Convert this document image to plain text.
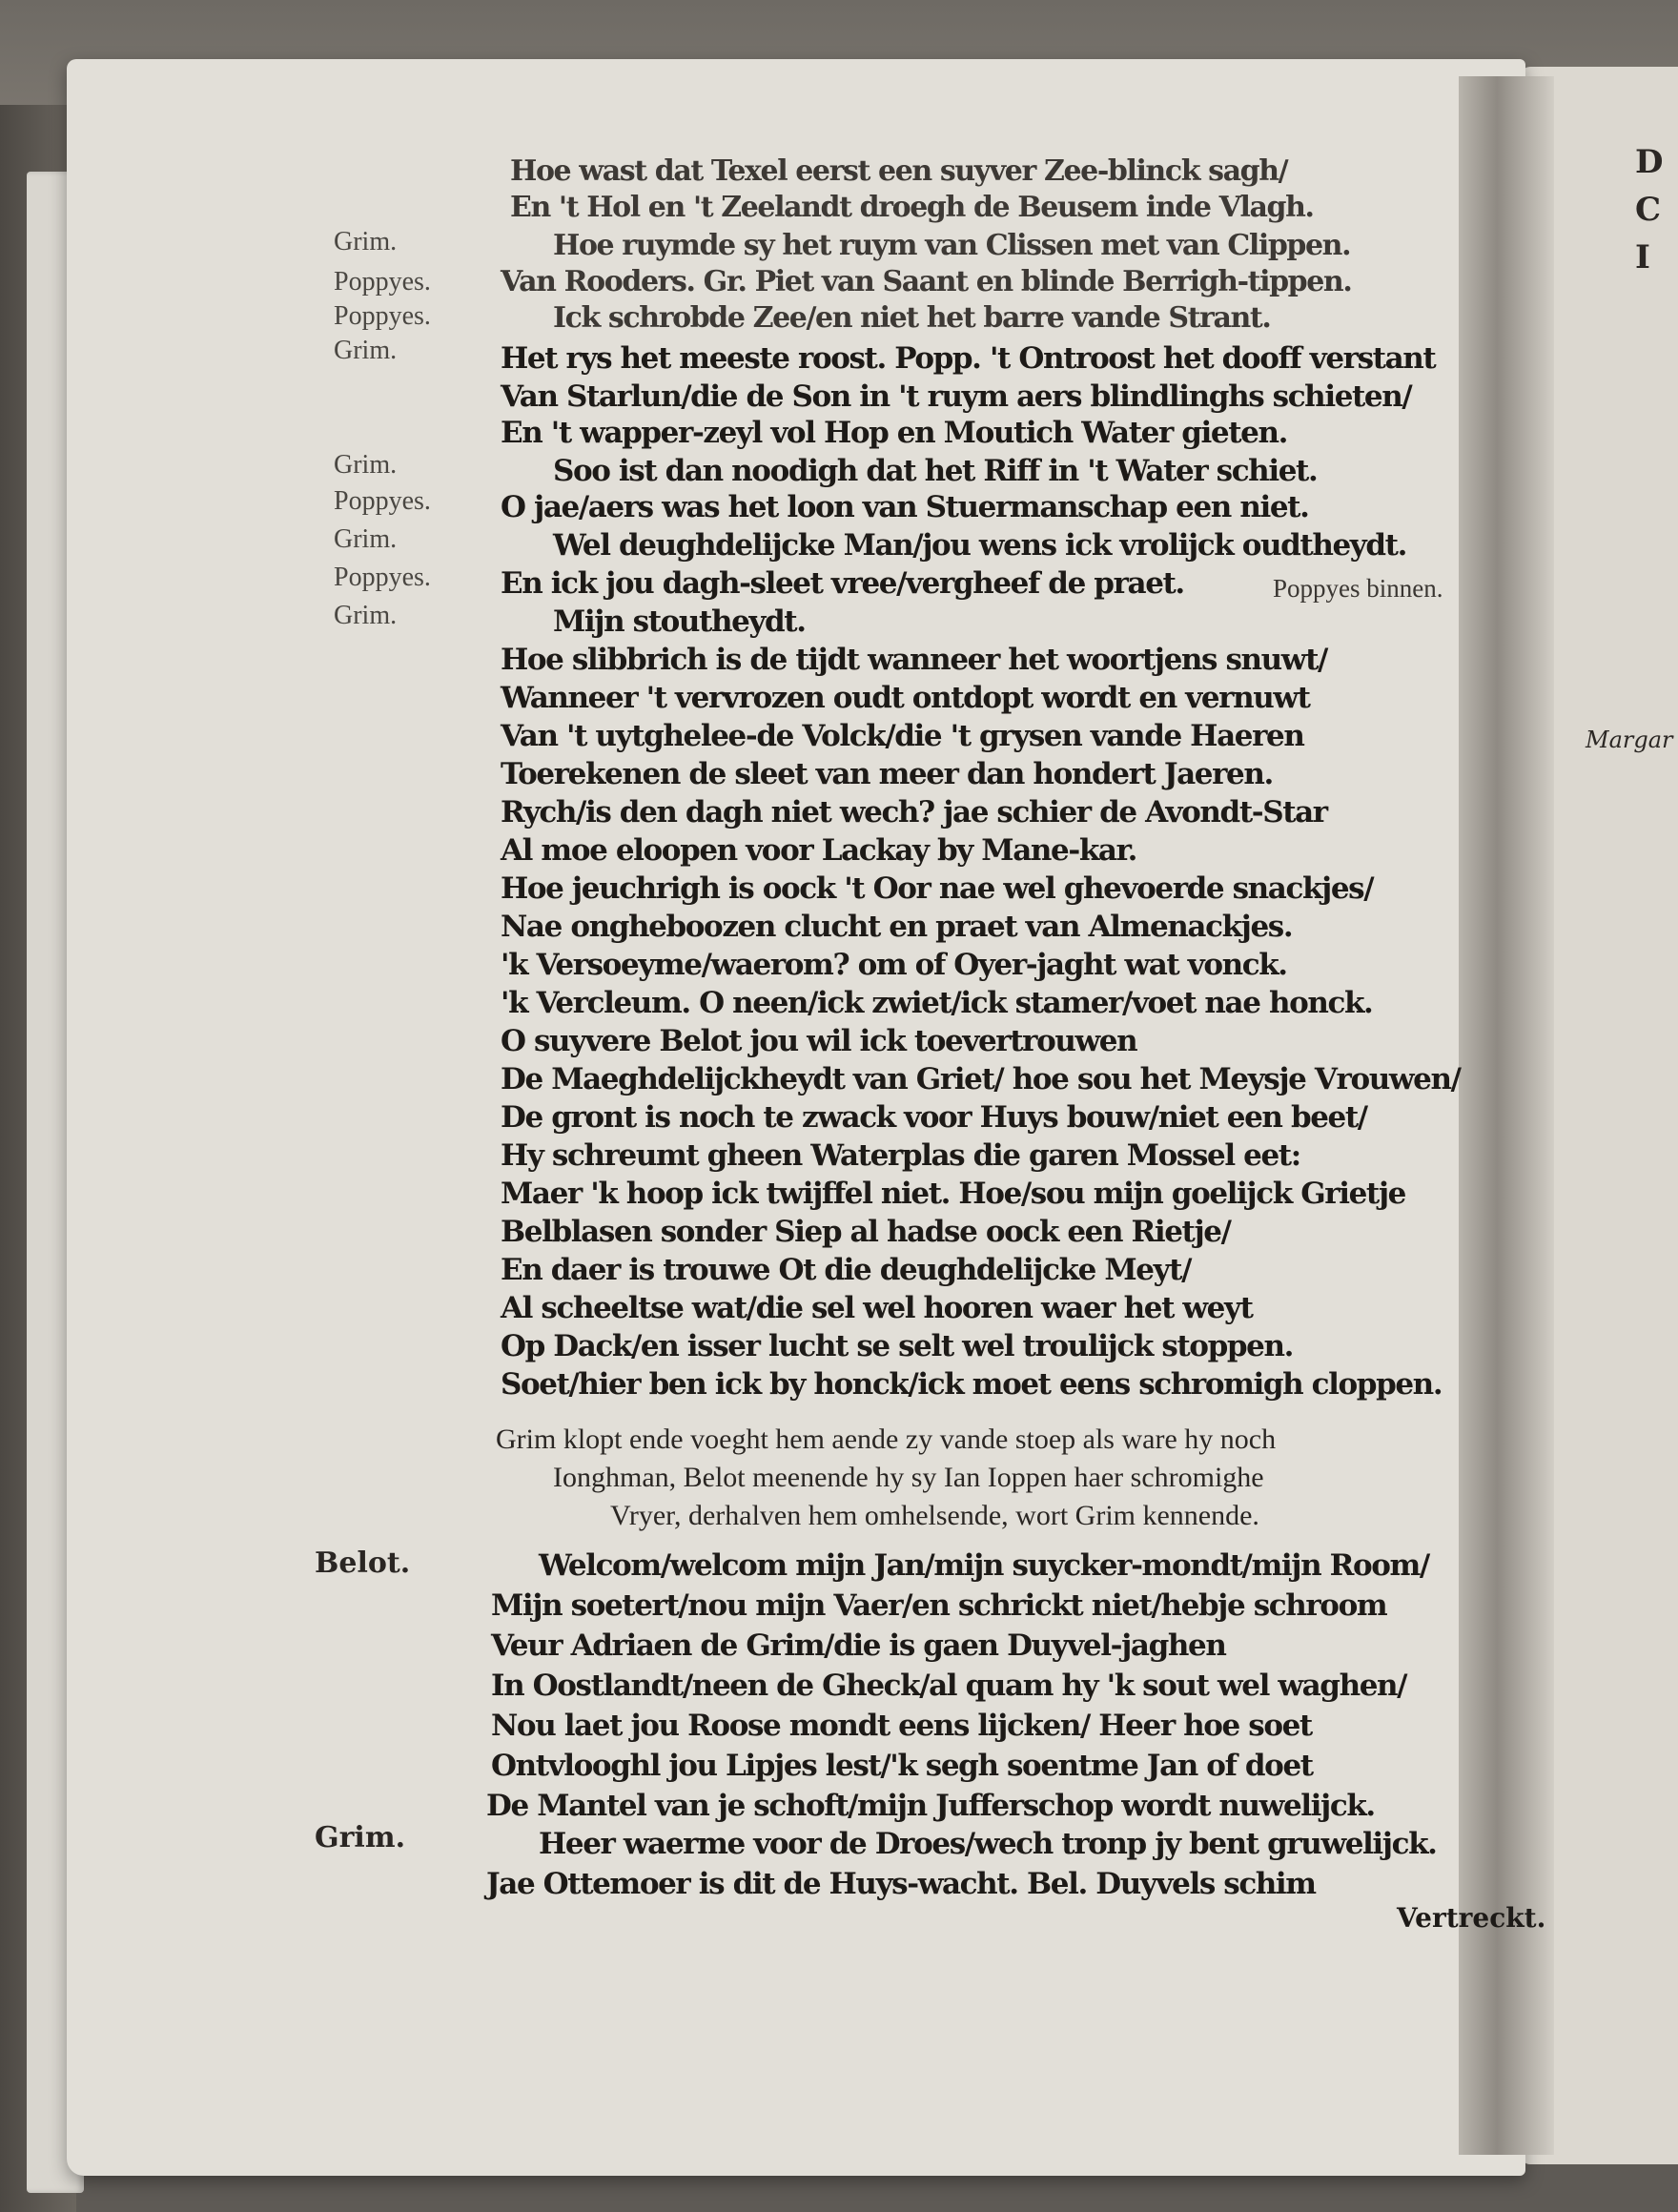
D
C
I
Margar
Grim.
Poppyes.
Poppyes.
Grim.
Grim.
Poppyes.
Grim.
Poppyes.
Grim.
Belot.
Grim.
Hoe wast dat Texel eerst een suyver Zee-blinck sagh/
En 't Hol en 't Zeelandt droegh de Beusem inde Vlagh.
Hoe ruymde sy het ruym van Clissen met van Clippen.
Van Rooders. Gr. Piet van Saant en blinde Berrigh-tippen.
Ick schrobde Zee/en niet het barre vande Strant.
Het rys het meeste roost. Popp. 't Ontroost het dooff verstant
Van Starlun/die de Son in 't ruym aers blindlinghs schieten/
En 't wapper-zeyl vol Hop en Moutich Water gieten.
Soo ist dan noodigh dat het Riff in 't Water schiet.
O jae/aers was het loon van Stuermanschap een niet.
Wel deughdelijcke Man/jou wens ick vrolijck oudtheydt.
En ick jou dagh-sleet vree/vergheef de praet.
Mijn stoutheydt.
Hoe slibbrich is de tijdt wanneer het woortjens snuwt/
Wanneer 't vervrozen oudt ontdopt wordt en vernuwt
Van 't uytghelee-de Volck/die 't grysen vande Haeren
Toerekenen de sleet van meer dan hondert Jaeren.
Rych/is den dagh niet wech? jae schier de Avondt-Star
Al moe eloopen voor Lackay by Mane-kar.
Hoe jeuchrigh is oock 't Oor nae wel ghevoerde snackjes/
Nae ongheboozen clucht en praet van Almenackjes.
'k Versoeyme/waerom? om of Oyer-jaght wat vonck.
'k Vercleum. O neen/ick zwiet/ick stamer/voet nae honck.
O suyvere Belot jou wil ick toevertrouwen
De Maeghdelijckheydt van Griet/ hoe sou het Meysje Vrouwen/
De gront is noch te zwack voor Huys bouw/niet een beet/
Hy schreumt gheen Waterplas die garen Mossel eet:
Maer 'k hoop ick twijffel niet. Hoe/sou mijn goelijck Grietje
Belblasen sonder Siep al hadse oock een Rietje/
En daer is trouwe Ot die deughdelijcke Meyt/
Al scheeltse wat/die sel wel hooren waer het weyt
Op Dack/en isser lucht se selt wel troulijck stoppen.
Soet/hier ben ick by honck/ick moet eens schromigh cloppen.
Poppyes binnen.
Grim klopt ende voeght hem aende zy vande stoep als ware hy noch
Ionghman, Belot meenende hy sy Ian Ioppen haer schromighe
Vryer, derhalven hem omhelsende, wort Grim kennende.
Welcom/welcom mijn Jan/mijn suycker-mondt/mijn Room/
Mijn soetert/nou mijn Vaer/en schrickt niet/hebje schroom
Veur Adriaen de Grim/die is gaen Duyvel-jaghen
In Oostlandt/neen de Gheck/al quam hy 'k sout wel waghen/
Nou laet jou Roose mondt eens lijcken/ Heer hoe soet
Ontvlooghl jou Lipjes lest/'k segh soentme Jan of doet
De Mantel van je schoft/mijn Jufferschop wordt nuwelijck.
Heer waerme voor de Droes/wech tronp jy bent gruwelijck.
Jae Ottemoer is dit de Huys-wacht. Bel. Duyvels schim
Vertreckt.
